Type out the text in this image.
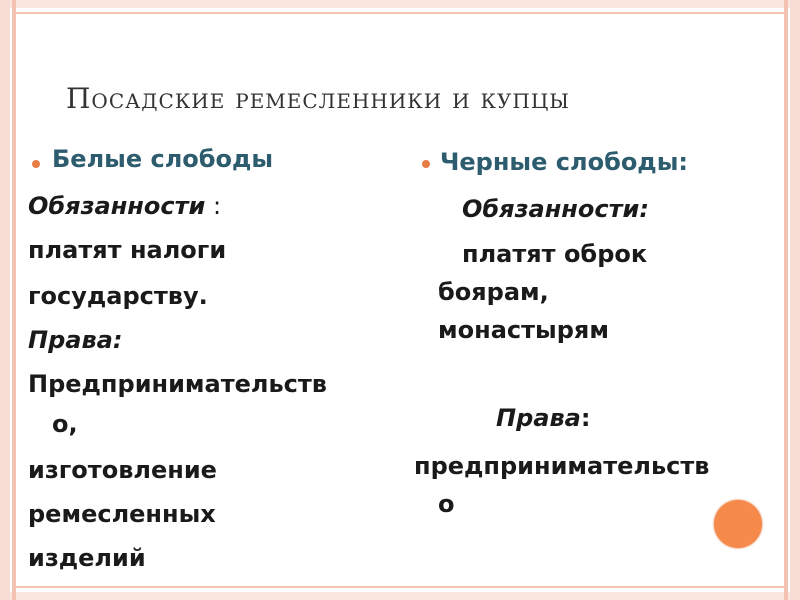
Посадские ремесленники и купцы
Белые слободы
Обязанности :
платят налоги
государству.
Права:
Предпринимательств
о,
изготовление
ремесленных
изделий
Черные слободы:
Обязанности:
платят оброк
боярам,
монастырям
Права:
предпринимательств
о
